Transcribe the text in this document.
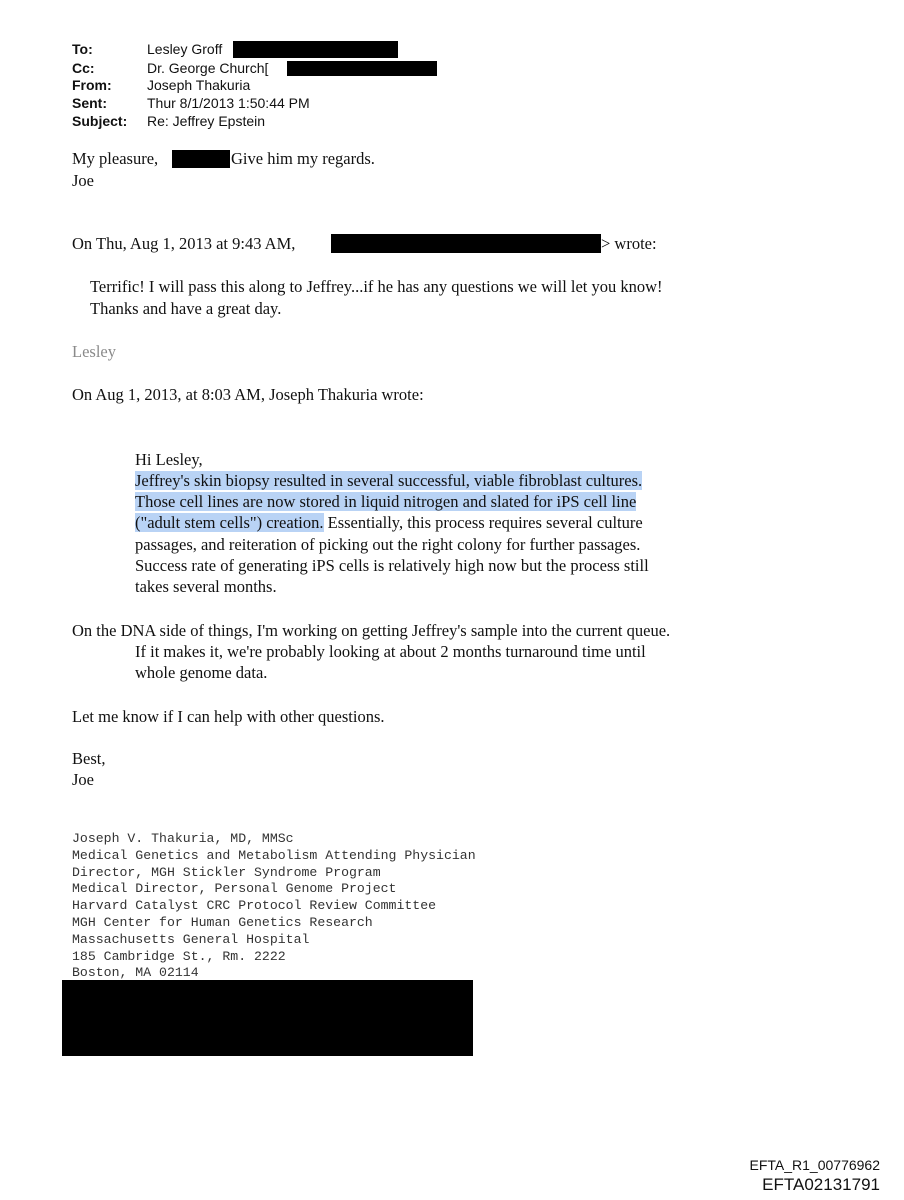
To:	Lesley Groff
Cc:	Dr. George Church[
From:	Joseph Thakuria
Sent:	Thur 8/1/2013 1:50:44 PM
Subject: Re: Jeffrey Epstein
My pleasure,	Give him my regards.
Joe
On Thu, Aug 1, 2013 at 9:43 AM,	> wrote:
Terrific! I will pass this along to Jeffrey...if he has any questions we will let you know!
Thanks and have a great day.
Lesley
On Aug 1, 2013, at 8:03 AM, Joseph Thakuria wrote:
Hi Lesley,
Jeffrey's skin biopsy resulted in several successful, viable fibroblast cultures.
Those cell lines are now stored in liquid nitrogen and slated for iPS cell line
("adult stem cells") creation. Essentially, this process requires several culture
passages, and reiteration of picking out the right colony for further passages.
Success rate of generating iPS cells is relatively high now but the process still
takes several months.
On the DNA side of things, I'm working on getting Jeffrey's sample into the current queue.
If it makes it, we're probably looking at about 2 months turnaround time until
whole genome data.
Let me know if I can help with other questions.
Best,
Joe
Joseph V. Thakuria, MD, MMSc
Medical Genetics and Metabolism Attending Physician
Director, MGH Stickler Syndrome Program
Medical Director, Personal Genome Project
Harvard Catalyst CRC Protocol Review Committee
MGH Center for Human Genetics Research
Massachusetts General Hospital
185 Cambridge St., Rm. 2222
Boston, MA 02114
EFTA_R1_00776962
EFTA02131791
